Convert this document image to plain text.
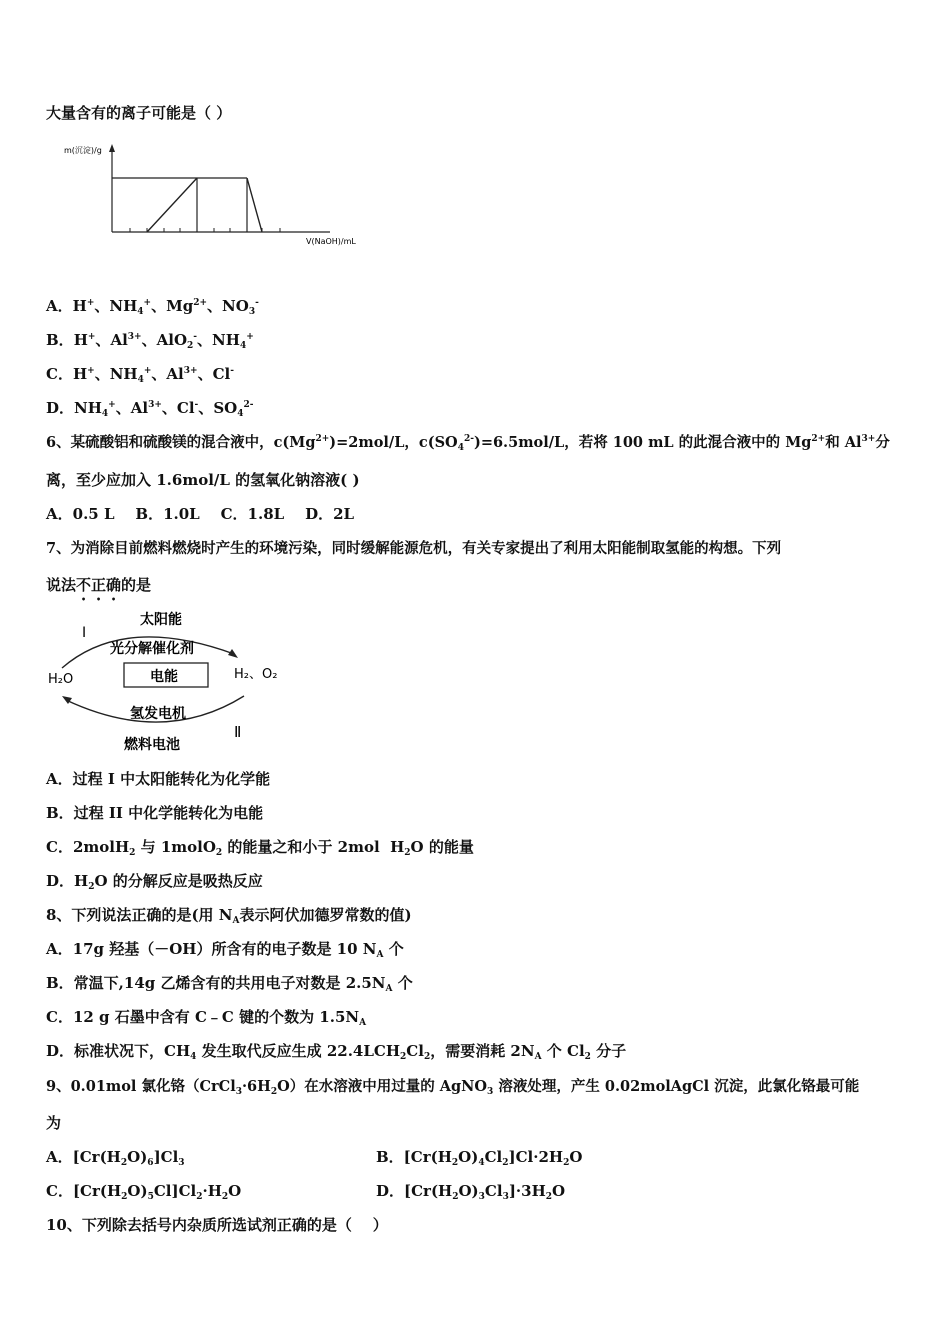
大量含有的离子可能是（ ）
m(沉淀)/g
V(NaOH)/mL
A．H+、$NH_4^+$、$Mg^{2+}$、$NO_3^-$
B．H+、$Al^{3+}$、AlO$_2$-、$NH_4^+$
C．H+、$NH_4^+$、$Al^{3+}$、Cl-
D．$NH_4^+$、$Al^{3+}$、Cl-、$SO_4^{2-}$
6、某硫酸铝和硫酸镁的混合液中，$c(Mg^{2+})=2mol/L$，$c(SO_4^{2-})=6.5mol/L$，若将 100 mL 的此混合液中的 $Mg^{2+}$和 $Al^{3+}$分
离，至少应加入 1.6mol/L 的氢氧化钠溶液( )
A．0.5 L    B．1.0L    C．1.8L    D．2L
7、为消除目前燃料燃烧时产生的环境污染，同时缓解能源危机，有关专家提出了利用太阳能制取氢能的构想。下列
说法不正确的是
太阳能
I
光分解催化剂
H₂O	H₂、O₂
电能
氢发电机
Ⅱ
燃料电池
A．过程 I 中太阳能转化为化学能
B．过程 II 中化学能转化为电能
C．2molH$_2$ 与 1molO$_2$ 的能量之和小于 2mol  $H_2O$ 的能量
D．$H_2O$ 的分解反应是吸热反应
8、下列说法正确的是(用 $N_A$表示阿伏加德罗常数的值)
A．17g 羟基（－OH）所含有的电子数是 10 $N_A$ 个
B．常温下,14g 乙烯含有的共用电子对数是 $2.5N_A$ 个
C．12 g 石墨中含有 C﹣C 键的个数为 $1.5N_A$
D．标准状况下，$CH_4$ 发生取代反应生成 $22.4LCH_2Cl_2$，需要消耗 $2N_A$ 个 $Cl_2$ 分子
9、0.01mol 氯化铬$(CrCl_3\cdot 6H_2O)$在水溶液中用过量的 AgNO$_3$ 溶液处理，产生 0.02molAgCl 沉淀，此氯化铬最可能
为
A．$[Cr(H_2O)_6]Cl_3$	B．$[Cr(H_2O)_4Cl_2]Cl\cdot 2H_2O$
C．$[Cr(H_2O)_5Cl]Cl_2\cdot H_2O$	D．$[Cr(H_2O)_3Cl_3]\cdot 3H_2O$
10、下列除去括号内杂质所选试剂正确的是（    ）
